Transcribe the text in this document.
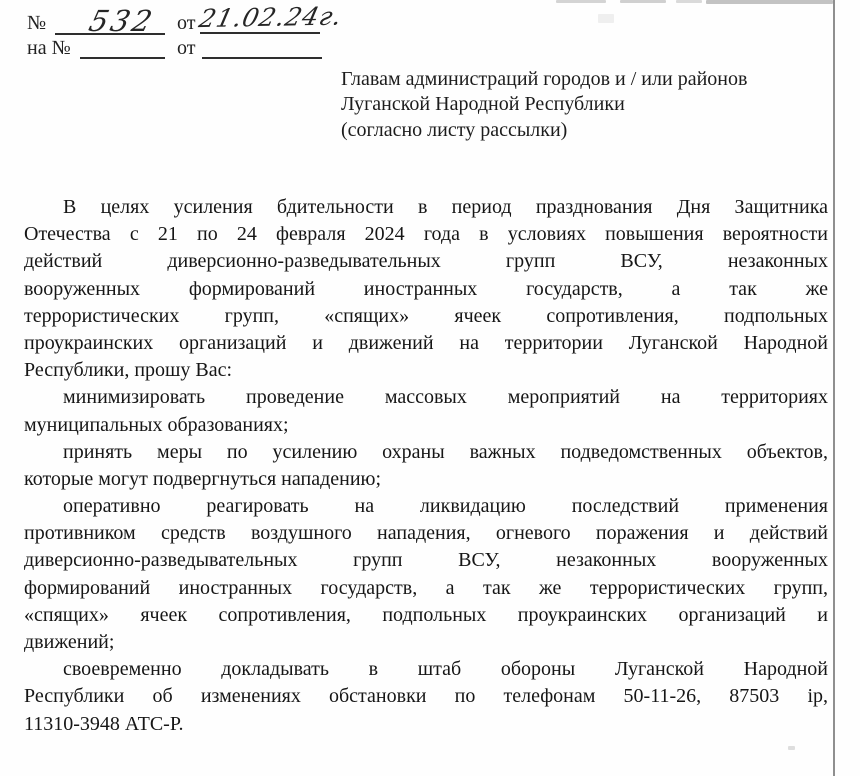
№ 532 от 21.02.24г.
на №	от
Главам администраций городов и / или районов
Луганской Народной Республики
(согласно листу рассылки)
В целях усиления бдительности в период празднования Дня Защитника
Отечества с 21 по 24 февраля 2024 года в условиях повышения вероятности
действий диверсионно-разведывательных групп ВСУ, незаконных
вооруженных формирований иностранных государств, а так же
террористических групп, «спящих» ячеек сопротивления, подпольных
проукраинских организаций и движений на территории Луганской Народной
Республики, прошу Вас:
минимизировать проведение массовых мероприятий на территориях
муниципальных образованиях;
принять меры по усилению охраны важных подведомственных объектов,
которые могут подвергнуться нападению;
оперативно реагировать на ликвидацию последствий применения
противником средств воздушного нападения, огневого поражения и действий
диверсионно-разведывательных групп ВСУ, незаконных вооруженных
формирований иностранных государств, а так же террористических групп,
«спящих» ячеек сопротивления, подпольных проукраинских организаций и
движений;
своевременно докладывать в штаб обороны Луганской Народной
Республики об изменениях обстановки по телефонам 50-11-26, 87503 ip,
11310-3948 АТС-Р.
